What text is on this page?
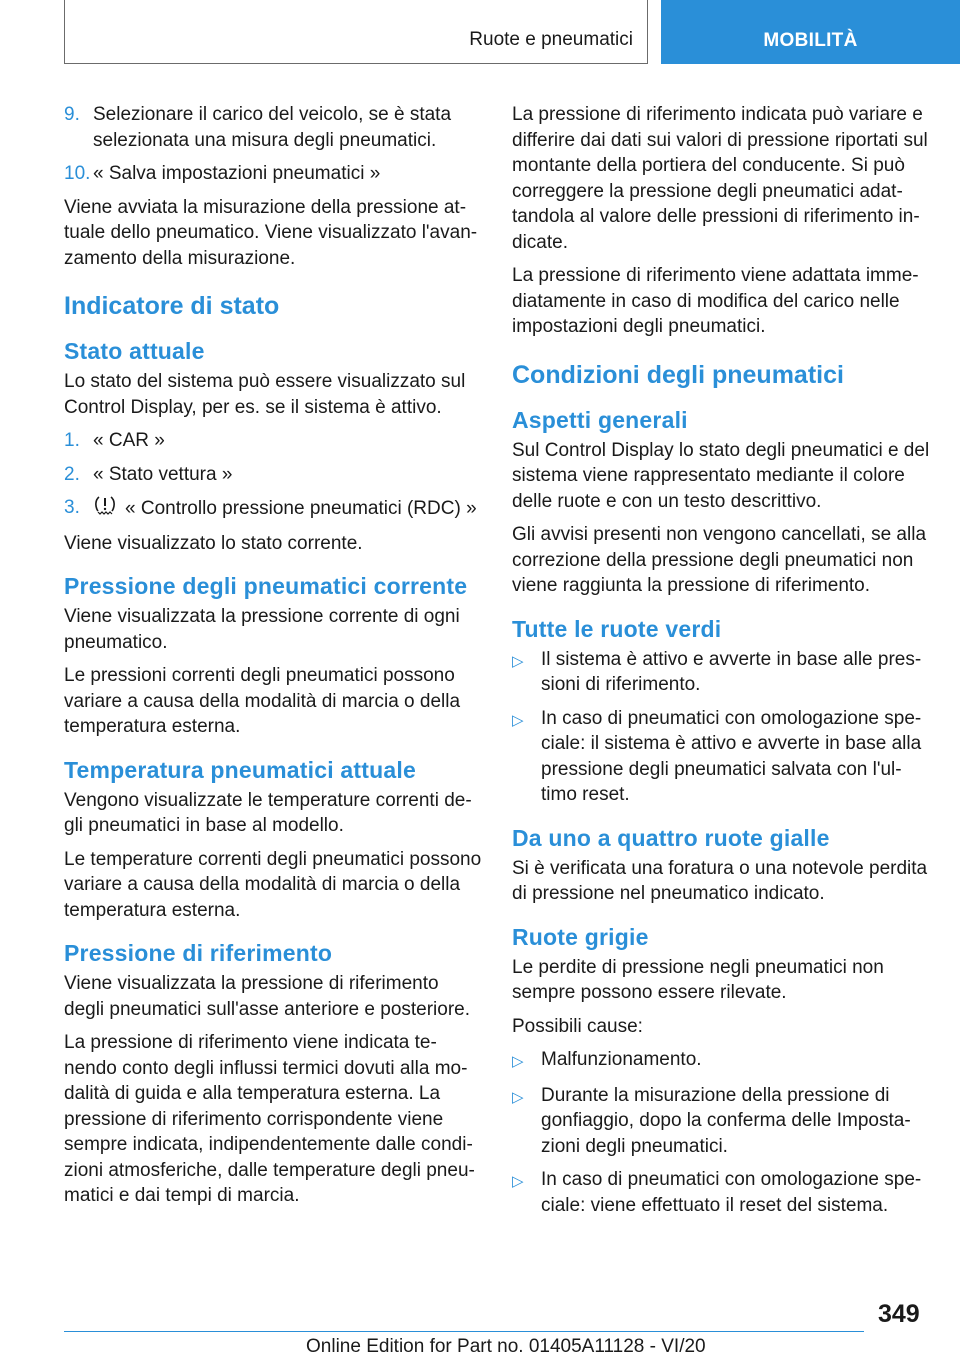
Ruote e pneumatici	MOBILITÀ
9. Selezionare il carico del veicolo, se è stata selezionata una misura degli pneumatici.
10. « Salva impostazioni pneumatici »

Viene avviata la misurazione della pressione attuale dello pneumatico. Viene visualizzato l'avanzamento della misurazione.

Indicatore di stato
Stato attuale

Lo stato del sistema può essere visualizzato sul Control Display, per es. se il sistema è attivo.

1. « CAR »
2. « Stato vettura »
3.	« Controllo pressione pneumatici (RDC) »

Viene visualizzato lo stato corrente.

Pressione degli pneumatici corrente

Viene visualizzata la pressione corrente di ogni pneumatico.

Le pressioni correnti degli pneumatici possono variare a causa della modalità di marcia o della temperatura esterna.

Temperatura pneumatici attuale

Vengono visualizzate le temperature correnti degli pneumatici in base al modello.

Le temperature correnti degli pneumatici possono variare a causa della modalità di marcia o della temperatura esterna.

Pressione di riferimento

Viene visualizzata la pressione di riferimento degli pneumatici sull'asse anteriore e posteriore.

La pressione di riferimento viene indicata tenendo conto degli influssi termici dovuti alla modalità di guida e alla temperatura esterna. La pressione di riferimento corrispondente viene sempre indicata, indipendentemente dalle condizioni atmosferiche, dalle temperature degli pneumatici e dai tempi di marcia.

La pressione di riferimento indicata può variare e differire dai dati sui valori di pressione riportati sul montante della portiera del conducente. Si può correggere la pressione degli pneumatici adattandola al valore delle pressioni di riferimento indicate.

La pressione di riferimento viene adattata immediatamente in caso di modifica del carico nelle impostazioni degli pneumatici.

Condizioni degli pneumatici
Aspetti generali

Sul Control Display lo stato degli pneumatici e del sistema viene rappresentato mediante il colore delle ruote e con un testo descrittivo.

Gli avvisi presenti non vengono cancellati, se alla correzione della pressione degli pneumatici non viene raggiunta la pressione di riferimento.

Tutte le ruote verdi
▷ Il sistema è attivo e avverte in base alle pressioni di riferimento.
▷ In caso di pneumatici con omologazione speciale: il sistema è attivo e avverte in base alla pressione degli pneumatici salvata con l'ultimo reset.
Da uno a quattro ruote gialle

Si è verificata una foratura o una notevole perdita di pressione nel pneumatico indicato.

Ruote grigie

Le perdite di pressione negli pneumatici non sempre possono essere rilevate.

Possibili cause:

▷ Malfunzionamento.
▷ Durante la misurazione della pressione di gonfiaggio, dopo la conferma delle Impostazioni degli pneumatici.
▷ In caso di pneumatici con omologazione speciale: viene effettuato il reset del sistema.
349
Online Edition for Part no. 01405A11128 - VI/20
